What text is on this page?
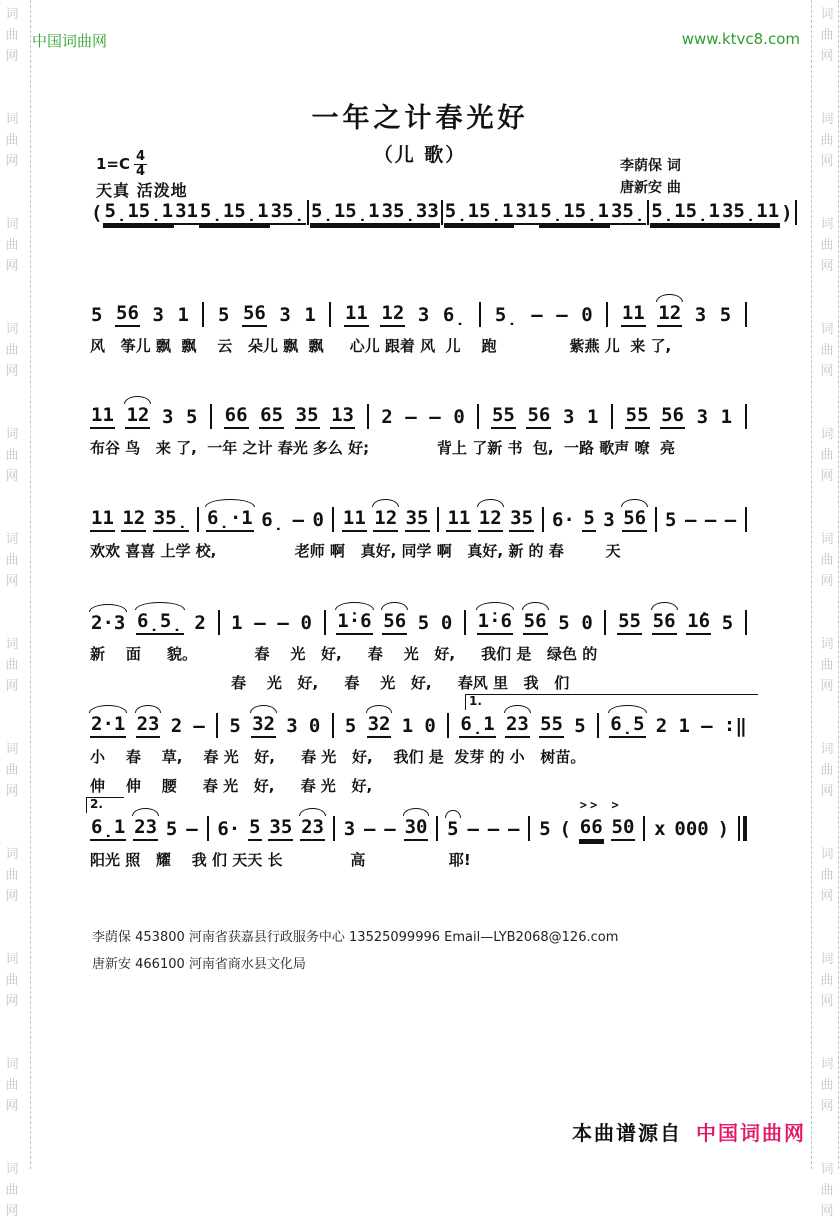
词
曲
网
词
曲
网
词
曲
网
词
曲
网
词
曲
网
词
曲
网
词
曲
网
词
曲
网
词
曲
网
词
曲
网
词
曲
网
词
曲
网
词
曲
网
词
曲
网
词
曲
网
词
曲
网
词
曲
网
词
曲
网
词
曲
网
词
曲
网
词
曲
网
词
曲
网
词
曲
网
词
曲
网
中国词曲网	www.ktvc8.com
一年之计春光好
（儿 歌）
$1=C \frac{4}{4}$
天真 活泼地
李荫保 词
唐新安 曲
( 5̣15̣1 31 5̣15̣1 35̣ 5̣15̣1 35̣33 5̣15̣1 31 5̣15̣1 35̣ 5̣15̣1 35̣11 )
5 56 3 1 5 56 3 1 11 12 3 6̣ 5̣ – – 0 11 12 3 5
风   筝儿 飘  飘    云   朵儿 飘  飘     心儿 跟着 风  儿    跑              紫燕 儿  来 了,
11 12 3 5 66 65 35 13 2 – – 0 55 56 3 1 55 56 3 1
布谷 鸟   来 了,  一年 之计 春光 多么 好;             背上 了新 书  包,  一路 歌声 嘹  亮
11 12 35̣ 6̣·1 6̣ – 0 11 12 35 11 12 35 6· 5 3 56 5 – – –
欢欢 喜喜 上学 校,               老师 啊   真好, 同学 啊   真好, 新 的 春        天
2·3 6̣5̣ 2 1 – – 0 1̇·6 56 5 0 1̇·6 56 5 0 55 56 1̇6 5
新    面     貌。           春    光   好,     春    光   好,     我们 是   绿色 的
春    光   好,     春    光   好,     春风 里   我   们
1.
2·1 23 2 – 5 32 3 0 5 32 1 0 6̣1 23 55 5 6̣5 2 1 – ∶‖
小    春    草,    春 光   好,     春 光   好,    我们 是  发芽 的 小   树苗。
伸    伸    腰     春 光   好,     春 光   好,
2.
6̣1 23 5 – 6· 5 35 23 3 – – 30 5 – – – 5 ( 66
>>
50
>
x 000 )
阳光 照   耀    我 们 天天 长             高                耶!
李荫保 453800 河南省获嘉县行政服务中心 13525099996 Email—LYB2068@126.com
唐新安 466100 河南省商水县文化局
本曲谱源自 中国词曲网
